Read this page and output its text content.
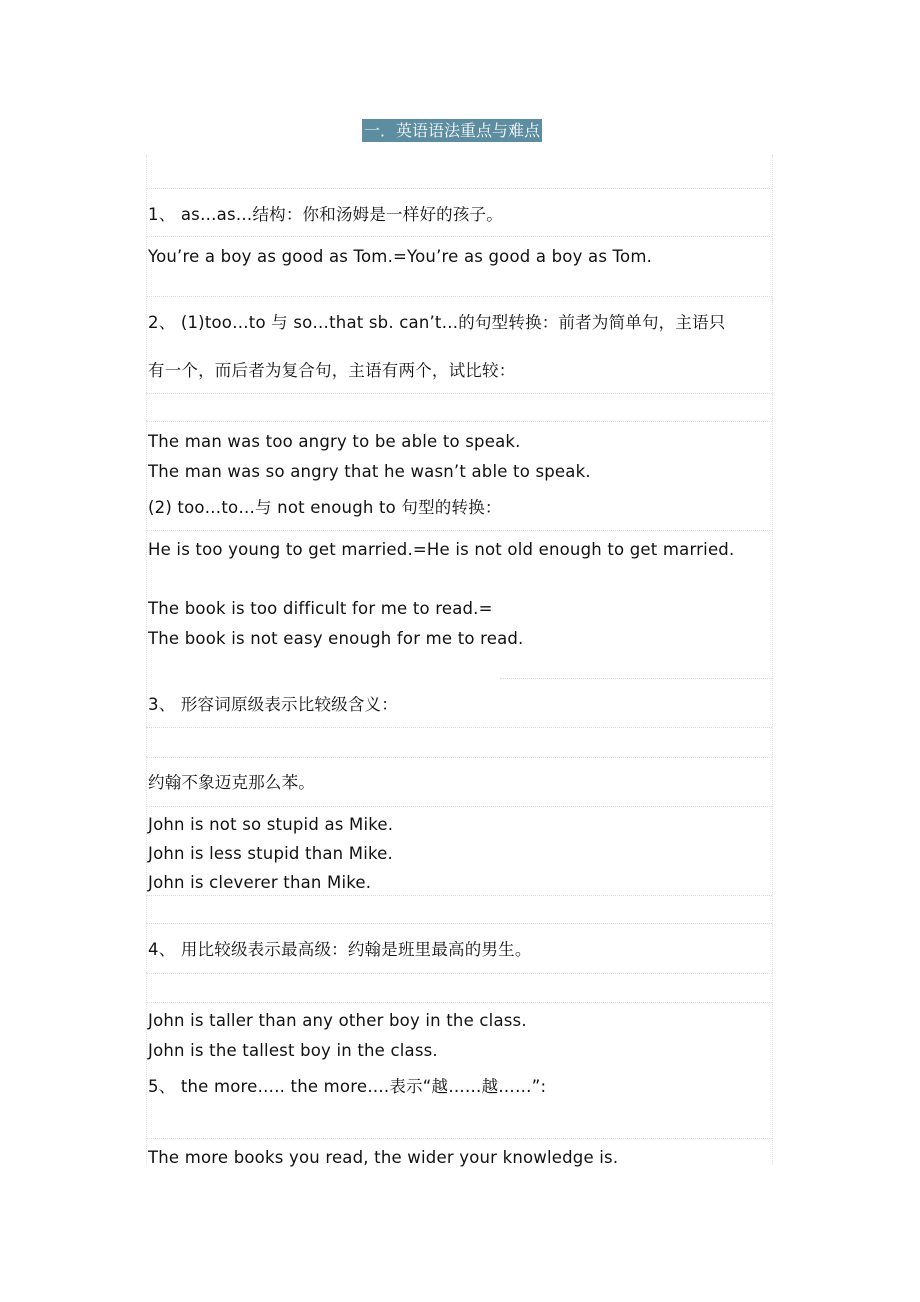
一．英语语法重点与难点
1、 as…as…结构：你和汤姆是一样好的孩子。
You’re a boy as good as Tom.=You’re as good a boy as Tom.
2、 (1)too…to 与 so…that sb. can’t…的句型转换：前者为简单句，主语只
有一个，而后者为复合句，主语有两个，试比较：
The man was too angry to be able to speak.
The man was so angry that he wasn’t able to speak.
(2) too…to…与 not enough to 句型的转换：
He is too young to get married.=He is not old enough to get married.
The book is too difficult for me to read.=
The book is not easy enough for me to read.
3、 形容词原级表示比较级含义：
约翰不象迈克那么苯。
John is not so stupid as Mike.
John is less stupid than Mike.
John is cleverer than Mike.
4、 用比较级表示最高级：约翰是班里最高的男生。
John is taller than any other boy in the class.
John is the tallest boy in the class.
5、 the more….. the more….表示“越……越……”:
The more books you read, the wider your knowledge is.
